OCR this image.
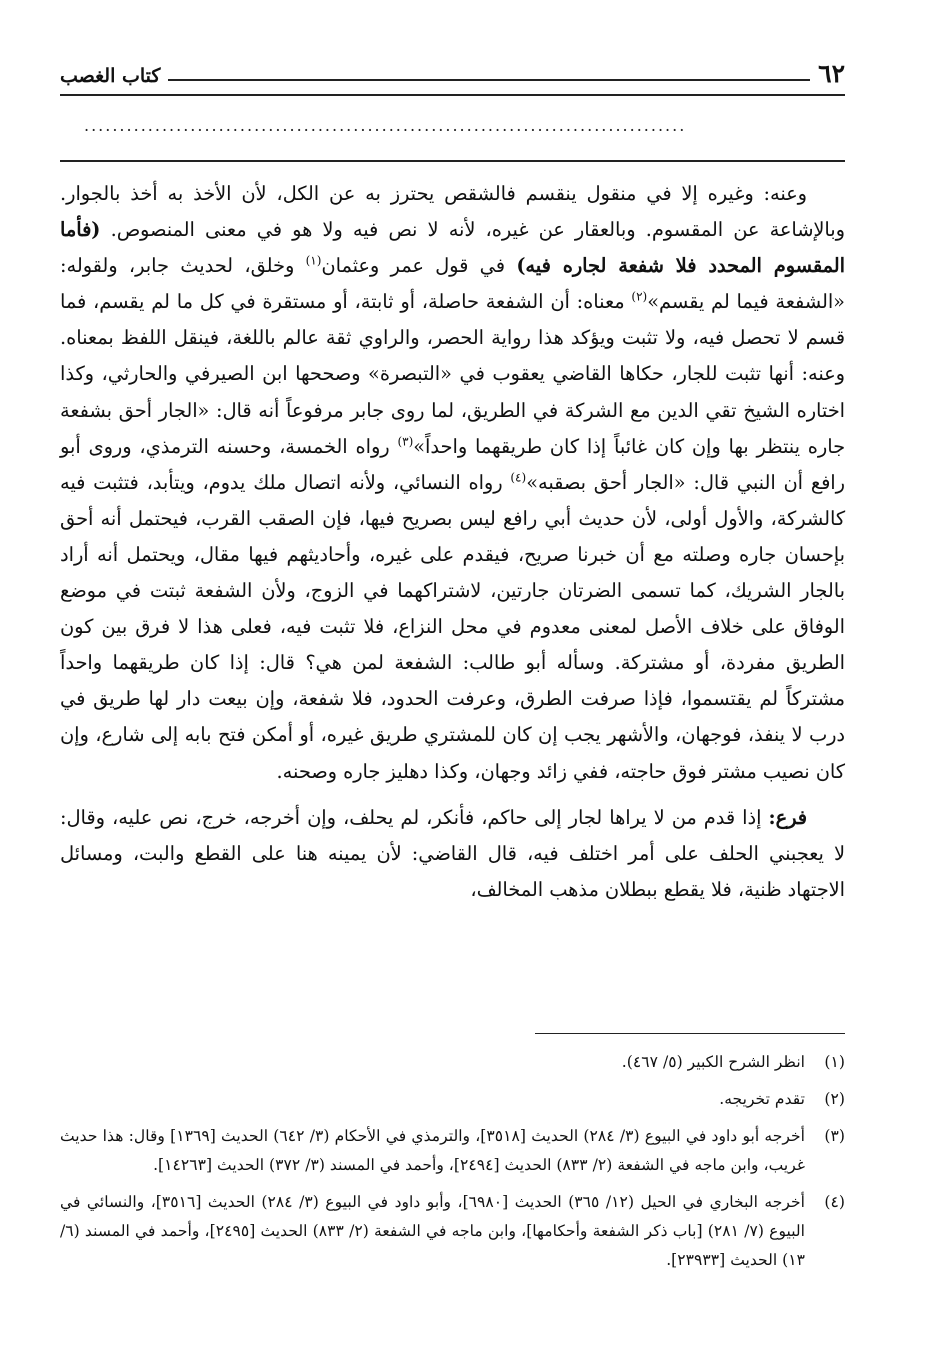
٦٢
كتاب الغصب
.....................................................................................

وعنه: وغيره إلا في منقول ينقسم فالشقص يحترز به عن الكل، لأن الأخذ به أخذ بالجوار. وبالإشاعة عن المقسوم. وبالعقار عن غيره، لأنه لا نص فيه ولا هو في معنى المنصوص. (فأما المقسوم المحدد فلا شفعة لجاره فيه) في قول عمر وعثمان$^{(١)}$ وخلق، لحديث جابر، ولقوله: «الشفعة فيما لم يقسم»$^{(٢)}$ معناه: أن الشفعة حاصلة، أو ثابتة، أو مستقرة في كل ما لم يقسم، فما قسم لا تحصل فيه، ولا تثبت ويؤكد هذا رواية الحصر، والراوي ثقة عالم باللغة، فينقل اللفظ بمعناه. وعنه: أنها تثبت للجار، حكاها القاضي يعقوب في «التبصرة» وصححها ابن الصيرفي والحارثي، وكذا اختاره الشيخ تقي الدين مع الشركة في الطريق، لما روى جابر مرفوعاً أنه قال: «الجار أحق بشفعة جاره ينتظر بها وإن كان غائباً إذا كان طريقهما واحداً»$^{(٣)}$ رواه الخمسة، وحسنه الترمذي، وروى أبو رافع أن النبي قال: «الجار أحق بصقبه»$^{(٤)}$ رواه النسائي، ولأنه اتصال ملك يدوم، ويتأبد، فتثبت فيه كالشركة، والأول أولى، لأن حديث أبي رافع ليس بصريح فيها، فإن الصقب القرب، فيحتمل أنه أحق بإحسان جاره وصلته مع أن خبرنا صريح، فيقدم على غيره، وأحاديثهم فيها مقال، ويحتمل أنه أراد بالجار الشريك، كما تسمى الضرتان جارتين، لاشتراكهما في الزوج، ولأن الشفعة ثبتت في موضع الوفاق على خلاف الأصل لمعنى معدوم في محل النزاع، فلا تثبت فيه، فعلى هذا لا فرق بين كون الطريق مفردة، أو مشتركة. وسأله أبو طالب: الشفعة لمن هي؟ قال: إذا كان طريقهما واحداً مشتركاً لم يقتسموا، فإذا صرفت الطرق، وعرفت الحدود، فلا شفعة، وإن بيعت دار لها طريق في درب لا ينفذ، فوجهان، والأشهر يجب إن كان للمشتري طريق غيره، أو أمكن فتح بابه إلى شارع، وإن كان نصيب مشتر فوق حاجته، ففي زائد وجهان، وكذا دهليز جاره وصحنه.

فرع: إذا قدم من لا يراها لجار إلى حاكم، فأنكر، لم يحلف، وإن أخرجه، خرج، نص عليه، وقال: لا يعجبني الحلف على أمر اختلف فيه، قال القاضي: لأن يمينه هنا على القطع والبت، ومسائل الاجتهاد ظنية، فلا يقطع ببطلان مذهب المخالف،

(١)
انظر الشرح الكبير (٥/ ٤٦٧).
(٢)
تقدم تخريجه.
(٣)
أخرجه أبو داود في البيوع (٣/ ٢٨٤) الحديث [٣٥١٨]، والترمذي في الأحكام (٣/ ٦٤٢) الحديث [١٣٦٩] وقال: هذا حديث غريب، وابن ماجه في الشفعة (٢/ ٨٣٣) الحديث [٢٤٩٤]، وأحمد في المسند (٣/ ٣٧٢) الحديث [١٤٢٦٣].
(٤)
أخرجه البخاري في الحيل (١٢/ ٣٦٥) الحديث [٦٩٨٠]، وأبو داود في البيوع (٣/ ٢٨٤) الحديث [٣٥١٦]، والنسائي في البيوع (٧/ ٢٨١) [باب ذكر الشفعة وأحكامها]، وابن ماجه في الشفعة (٢/ ٨٣٣) الحديث [٢٤٩٥]، وأحمد في المسند (٦/ ١٣) الحديث [٢٣٩٣٣].
